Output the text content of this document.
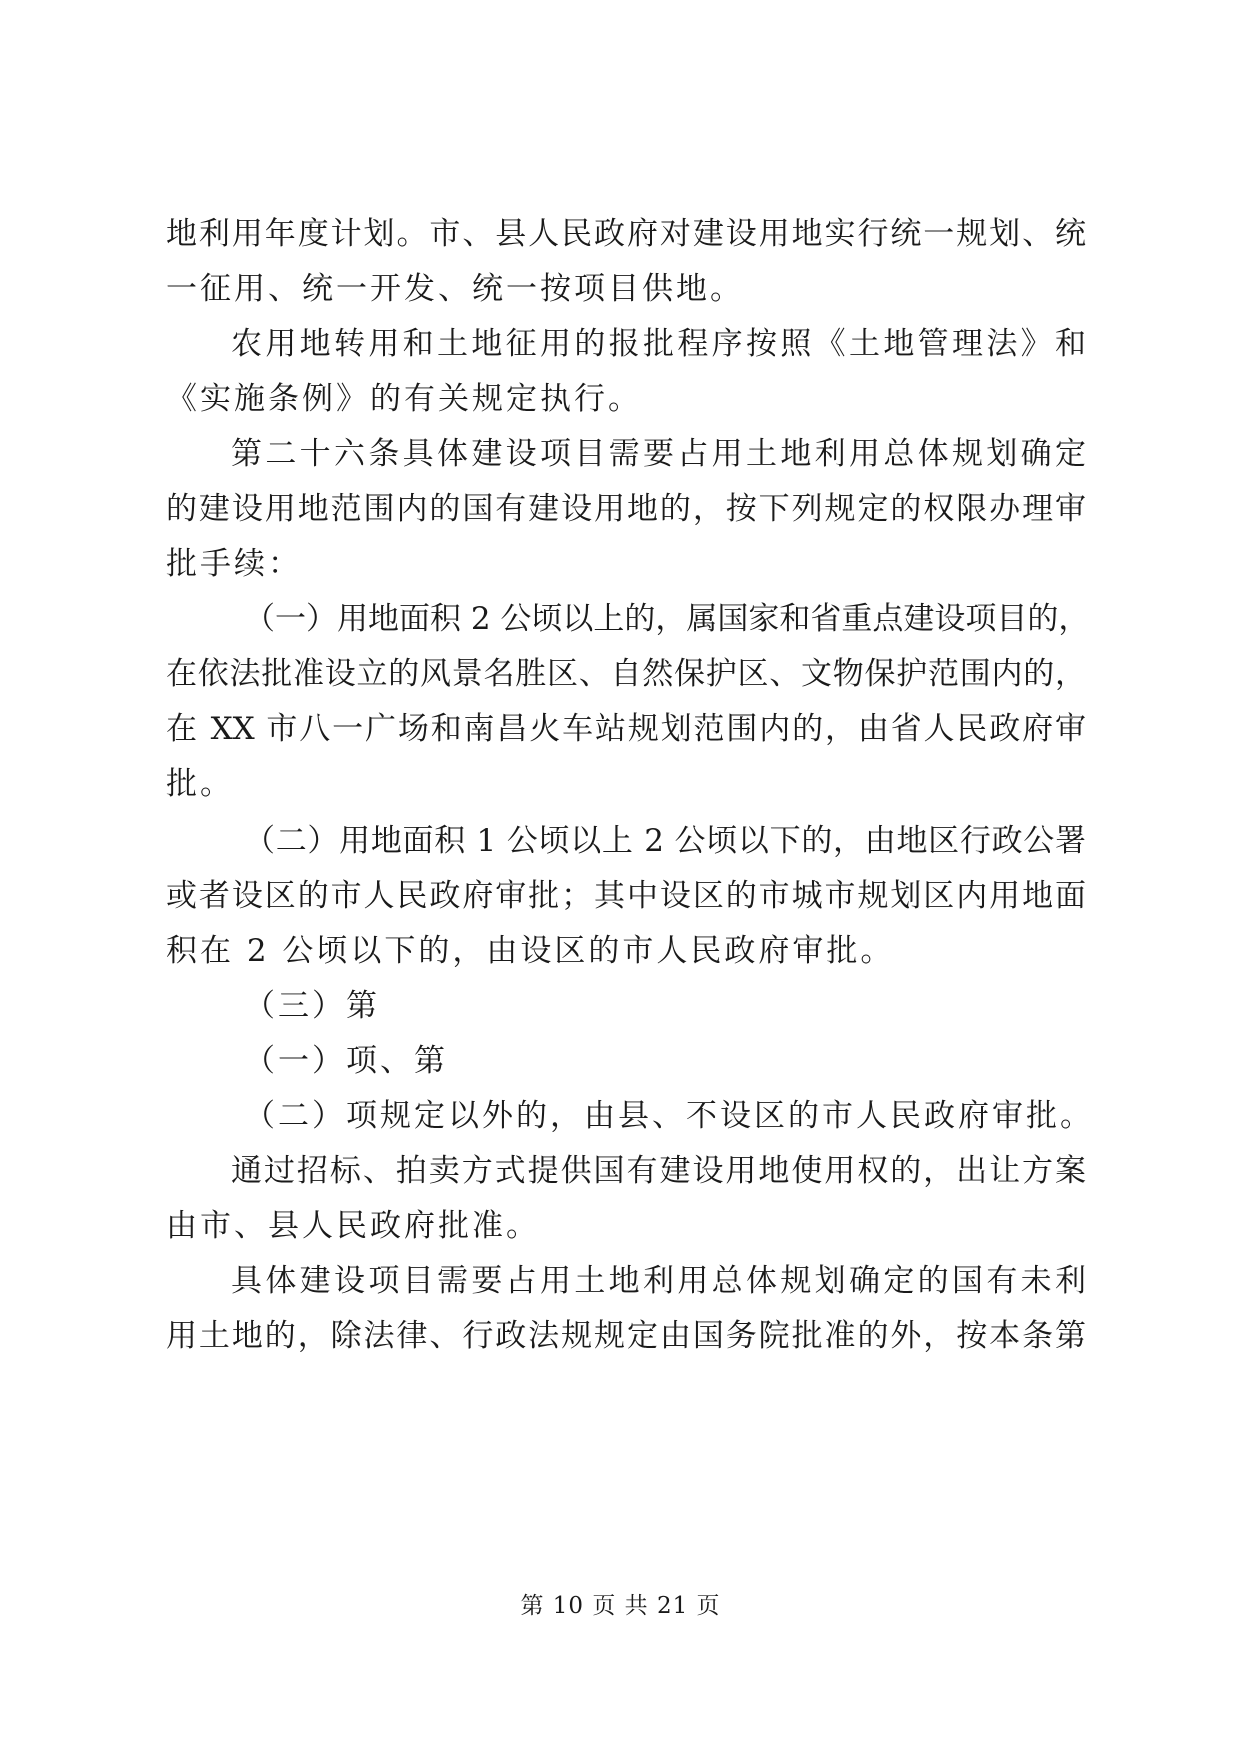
地利用年度计划。市、县人民政府对建设用地实行统一规划、统
一征用、统一开发、统一按项目供地。
农用地转用和土地征用的报批程序按照《土地管理法》和
《实施条例》的有关规定执行。
第二十六条具体建设项目需要占用土地利用总体规划确定
的建设用地范围内的国有建设用地的，按下列规定的权限办理审
批手续：
（一）用地面积 2 公顷以上的，属国家和省重点建设项目的，
在依法批准设立的风景名胜区、自然保护区、文物保护范围内的，
在 XX 市八一广场和南昌火车站规划范围内的，由省人民政府审
批。
（二）用地面积 1 公顷以上 2 公顷以下的，由地区行政公署
或者设区的市人民政府审批；其中设区的市城市规划区内用地面
积在 2 公顷以下的，由设区的市人民政府审批。
（三）第
（一）项、第
（二）项规定以外的，由县、不设区的市人民政府审批。
通过招标、拍卖方式提供国有建设用地使用权的，出让方案
由市、县人民政府批准。
具体建设项目需要占用土地利用总体规划确定的国有未利
用土地的，除法律、行政法规规定由国务院批准的外，按本条第
第 10 页 共 21 页
